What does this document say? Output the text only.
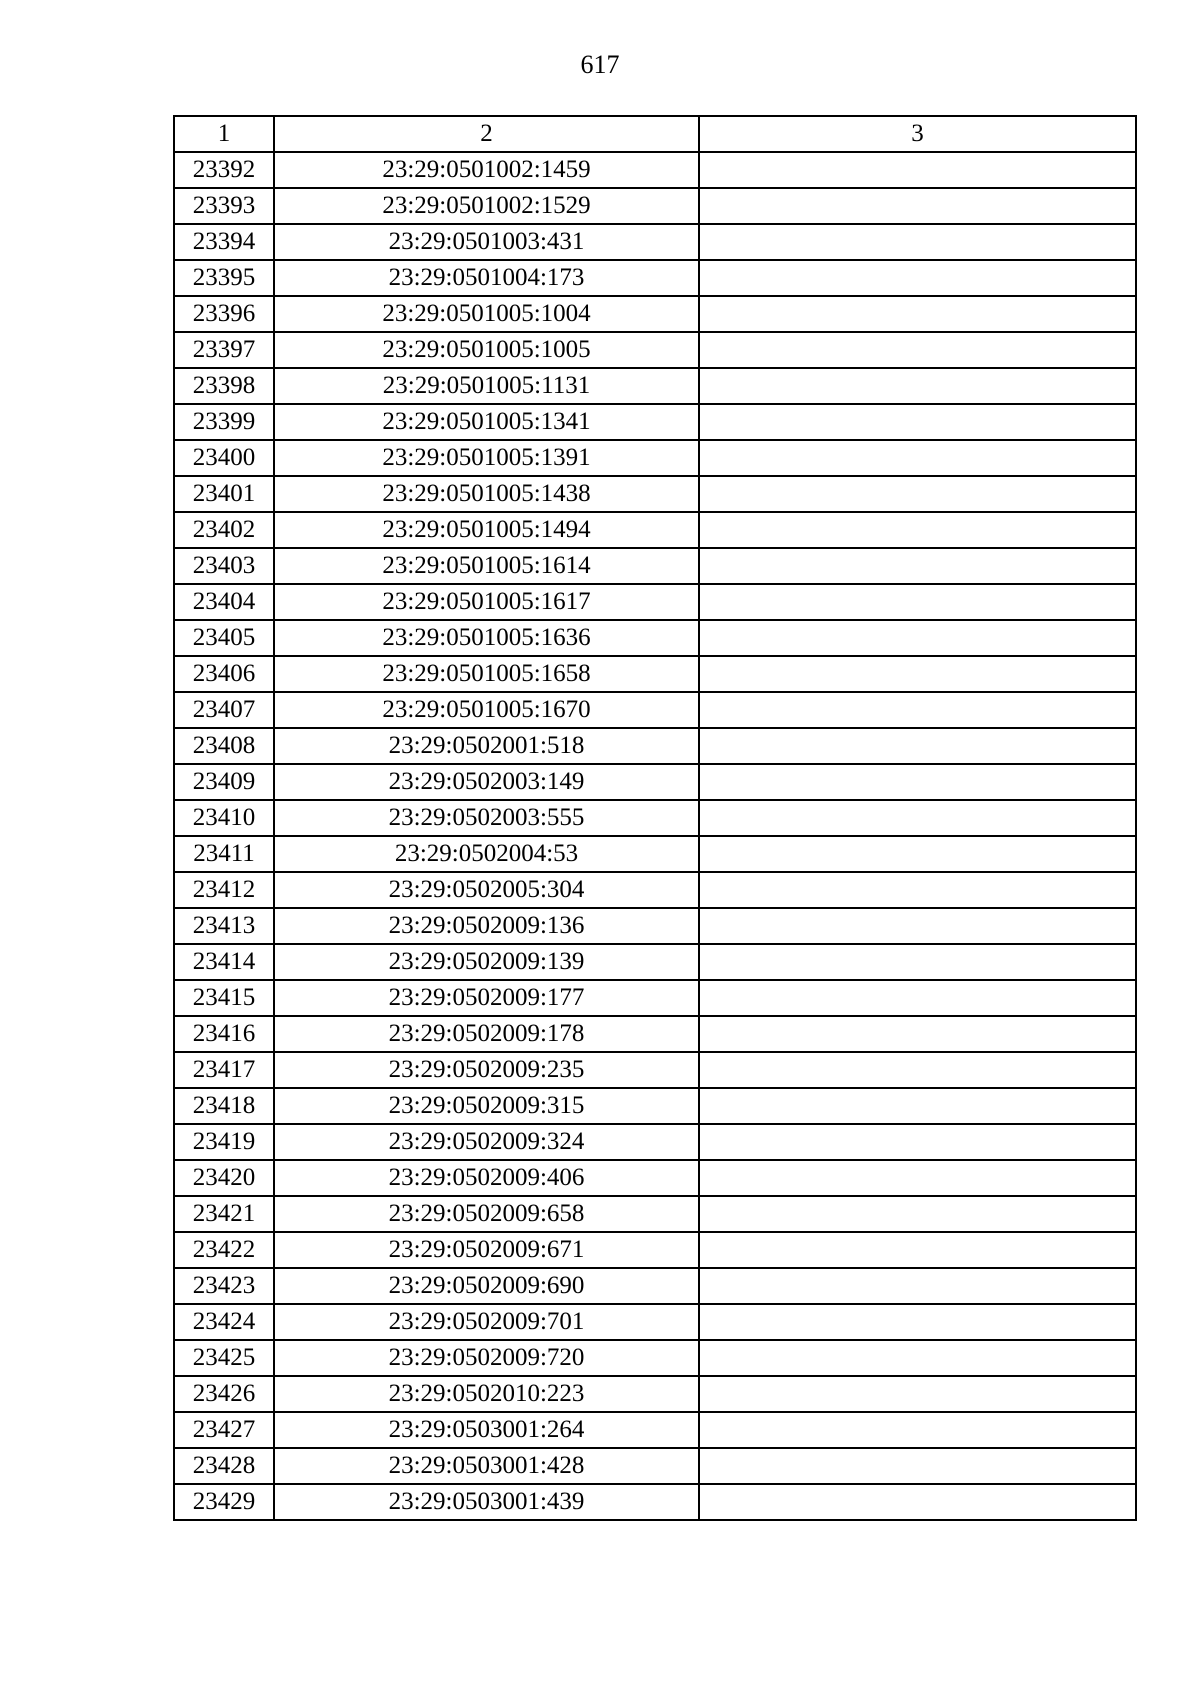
617
1	2	3
23392	23:29:0501002:1459	
23393	23:29:0501002:1529	
23394	23:29:0501003:431	
23395	23:29:0501004:173	
23396	23:29:0501005:1004	
23397	23:29:0501005:1005	
23398	23:29:0501005:1131	
23399	23:29:0501005:1341	
23400	23:29:0501005:1391	
23401	23:29:0501005:1438	
23402	23:29:0501005:1494	
23403	23:29:0501005:1614	
23404	23:29:0501005:1617	
23405	23:29:0501005:1636	
23406	23:29:0501005:1658	
23407	23:29:0501005:1670	
23408	23:29:0502001:518	
23409	23:29:0502003:149	
23410	23:29:0502003:555	
23411	23:29:0502004:53	
23412	23:29:0502005:304	
23413	23:29:0502009:136	
23414	23:29:0502009:139	
23415	23:29:0502009:177	
23416	23:29:0502009:178	
23417	23:29:0502009:235	
23418	23:29:0502009:315	
23419	23:29:0502009:324	
23420	23:29:0502009:406	
23421	23:29:0502009:658	
23422	23:29:0502009:671	
23423	23:29:0502009:690	
23424	23:29:0502009:701	
23425	23:29:0502009:720	
23426	23:29:0502010:223	
23427	23:29:0503001:264	
23428	23:29:0503001:428	
23429	23:29:0503001:439	
